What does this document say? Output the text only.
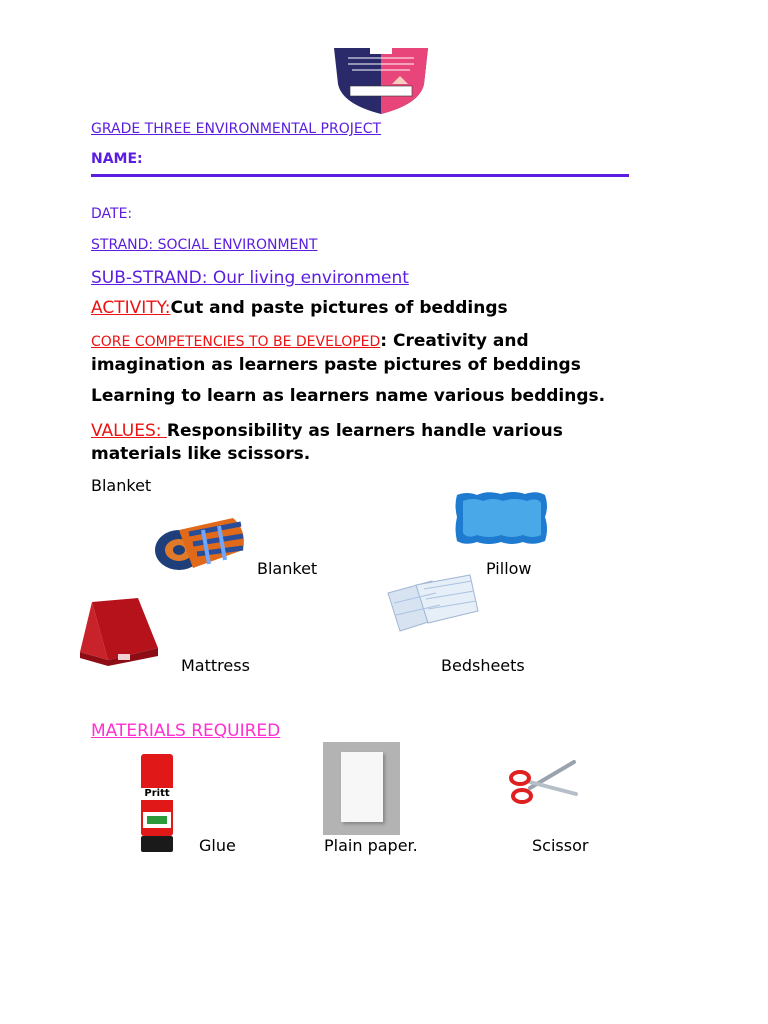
GRADE THREE ENVIRONMENTAL PROJECT
NAME:
DATE:
STRAND: SOCIAL ENVIRONMENT
SUB-STRAND: Our living environment
ACTIVITY:Cut and paste pictures of beddings
CORE COMPETENCIES TO BE DEVELOPED: Creativity and
imagination as learners paste pictures of beddings
Learning to learn as learners name various beddings.
VALUES: Responsibility as learners handle various
materials like scissors.
Blanket
Blanket	Pillow
Mattress	Bedsheets
MATERIALS REQUIRED
Pritt
Glue	Plain paper.	Scissor
